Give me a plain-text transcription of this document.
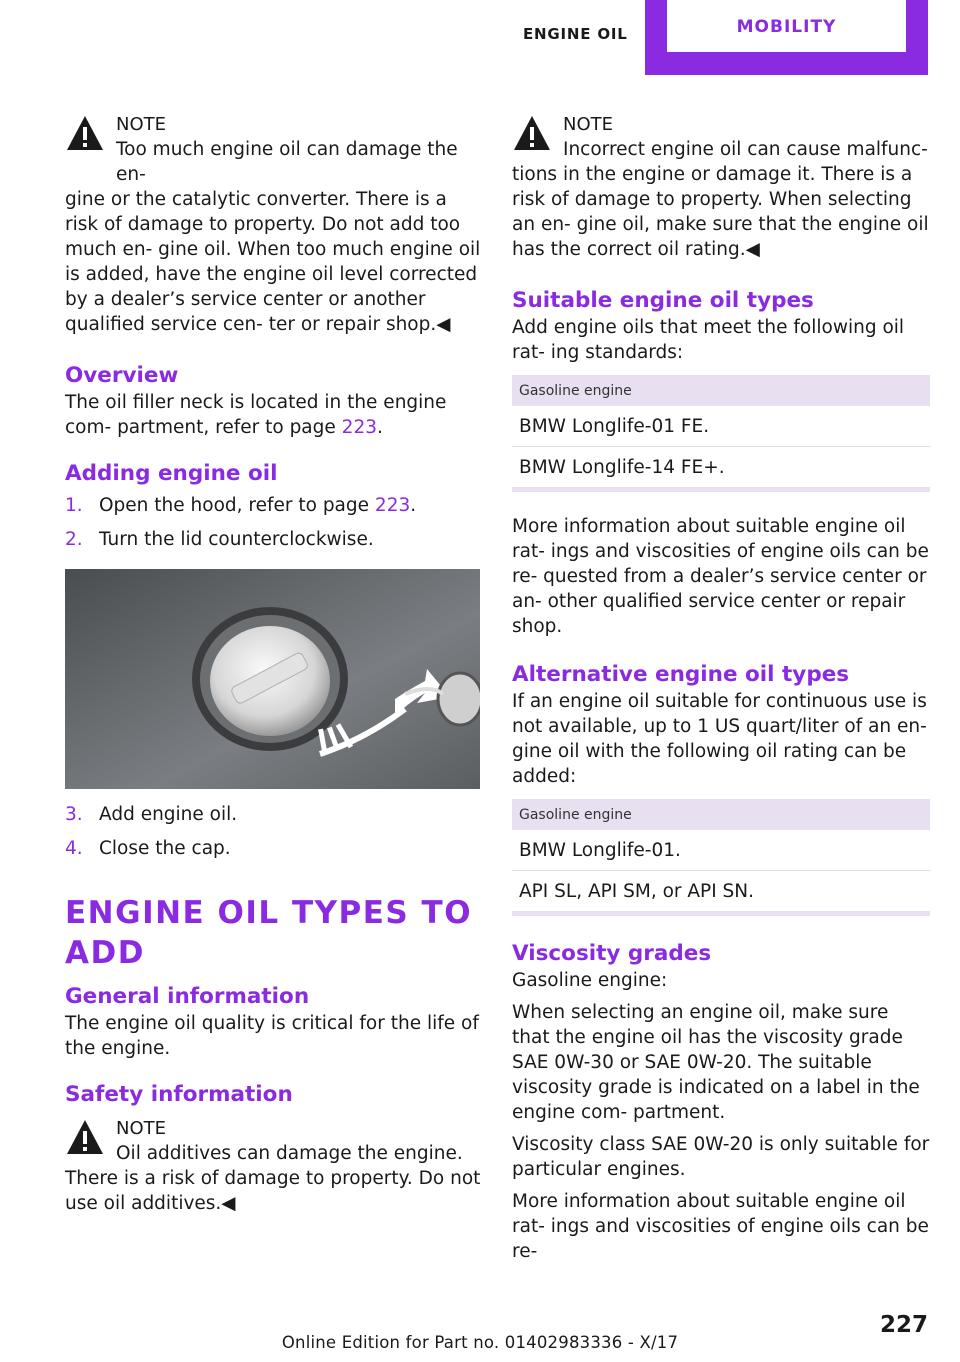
ENGINE OIL	MOBILITY
NOTE

Too much engine oil can damage the en‐

gine or the catalytic converter. There is a risk of damage to property. Do not add too much en‐ gine oil. When too much engine oil is added, have the engine oil level corrected by a dealer’s service center or another qualified service cen‐ ter or repair shop.◀

Overview

The oil filler neck is located in the engine com‐ partment, refer to page 223.

Adding engine oil
1. Open the hood, refer to page 223.
2. Turn the lid counterclockwise.
3. Add engine oil.
4. Close the cap.
ENGINE OIL TYPES TO ADD
General information

The engine oil quality is critical for the life of the engine.

Safety information
NOTE

Oil additives can damage the engine.

There is a risk of damage to property. Do not use oil additives.◀

NOTE

Incorrect engine oil can cause malfunc‐

tions in the engine or damage it. There is a risk of damage to property. When selecting an en‐ gine oil, make sure that the engine oil has the correct oil rating.◀

Suitable engine oil types

Add engine oils that meet the following oil rat‐ ing standards:

Gasoline engine
BMW Longlife-01 FE.
BMW Longlife-14 FE+.

More information about suitable engine oil rat‐ ings and viscosities of engine oils can be re‐ quested from a dealer’s service center or an‐ other qualified service center or repair shop.

Alternative engine oil types

If an engine oil suitable for continuous use is not available, up to 1 US quart/liter of an en‐ gine oil with the following oil rating can be added:

Gasoline engine
BMW Longlife-01.
API SL, API SM, or API SN.
Viscosity grades

Gasoline engine:

When selecting an engine oil, make sure that the engine oil has the viscosity grade SAE 0W-30 or SAE 0W-20. The suitable viscosity grade is indicated on a label in the engine com‐ partment.

Viscosity class SAE 0W-20 is only suitable for particular engines.

More information about suitable engine oil rat‐ ings and viscosities of engine oils can be re‐

227
Online Edition for Part no. 01402983336 - X/17
